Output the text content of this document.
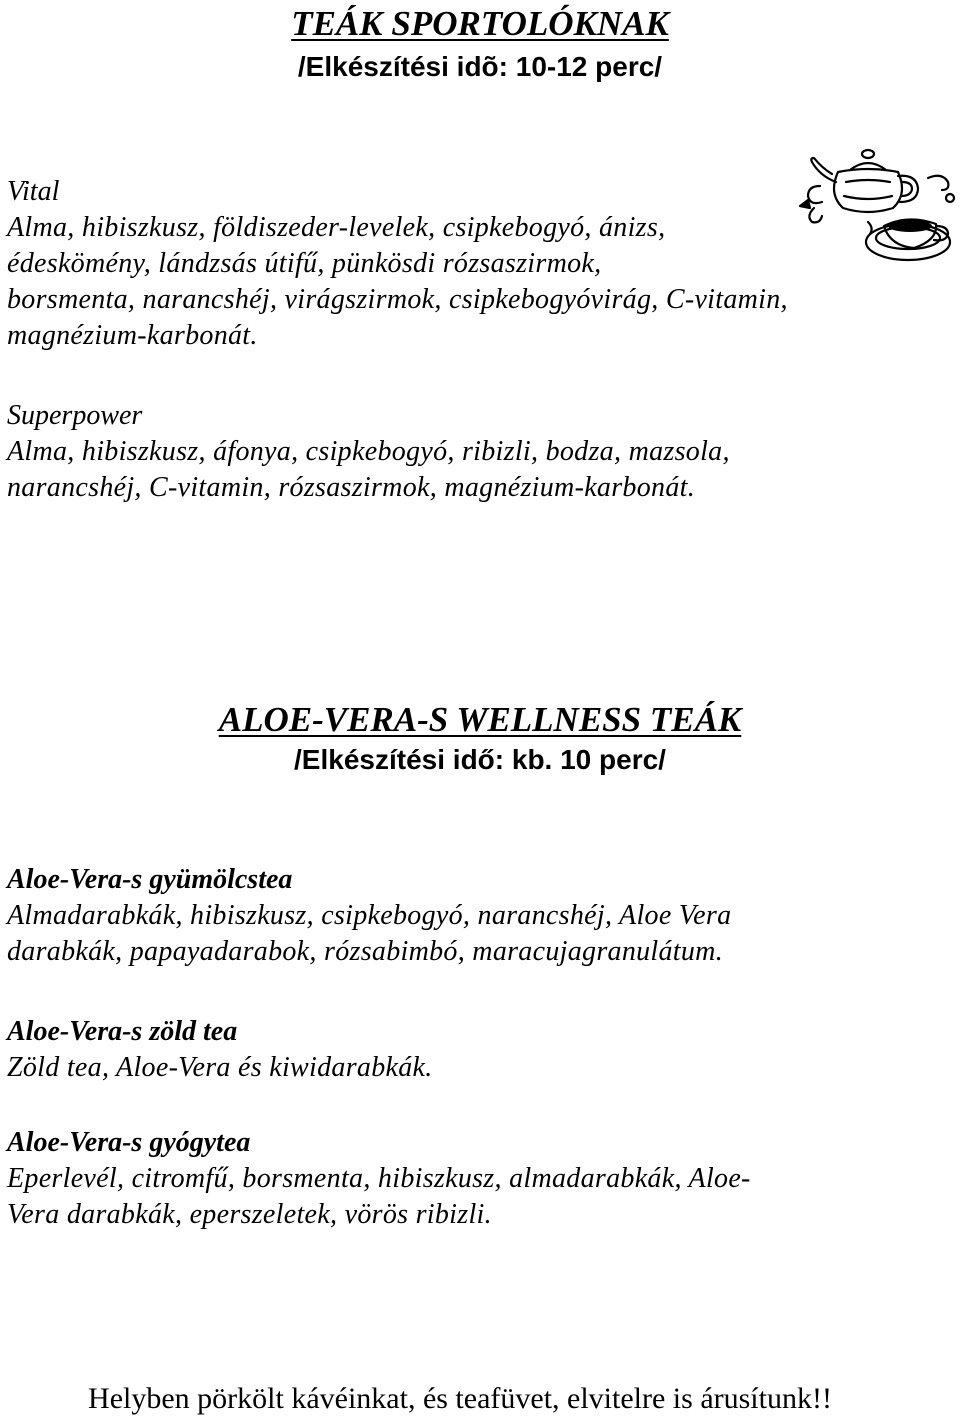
TEÁK SPORTOLÓKNAK

/Elkészítési idõ: 10-12 perc/

Vital

Alma, hibiszkusz, földiszeder-levelek, csipkebogyó, ánizs,

édeskömény, lándzsás útifű, pünkösdi rózsaszirmok,

borsmenta, narancshéj, virágszirmok, csipkebogyóvirág, C-vitamin,

magnézium-karbonát.

Superpower

Alma, hibiszkusz, áfonya, csipkebogyó, ribizli, bodza, mazsola,

narancshéj, C-vitamin, rózsaszirmok, magnézium-karbonát.

ALOE-VERA-S WELLNESS TEÁK

/Elkészítési idő: kb. 10 perc/

Aloe-Vera-s gyümölcstea

Almadarabkák, hibiszkusz, csipkebogyó, narancshéj, Aloe Vera

darabkák, papayadarabok, rózsabimbó, maracujagranulátum.

Aloe-Vera-s zöld tea

Zöld tea, Aloe-Vera és kiwidarabkák.

Aloe-Vera-s gyógytea

Eperlevél, citromfű, borsmenta, hibiszkusz, almadarabkák, Aloe-

Vera darabkák, eperszeletek, vörös ribizli.

Helyben pörkölt kávéinkat, és teafüvet, elvitelre is árusítunk!!
